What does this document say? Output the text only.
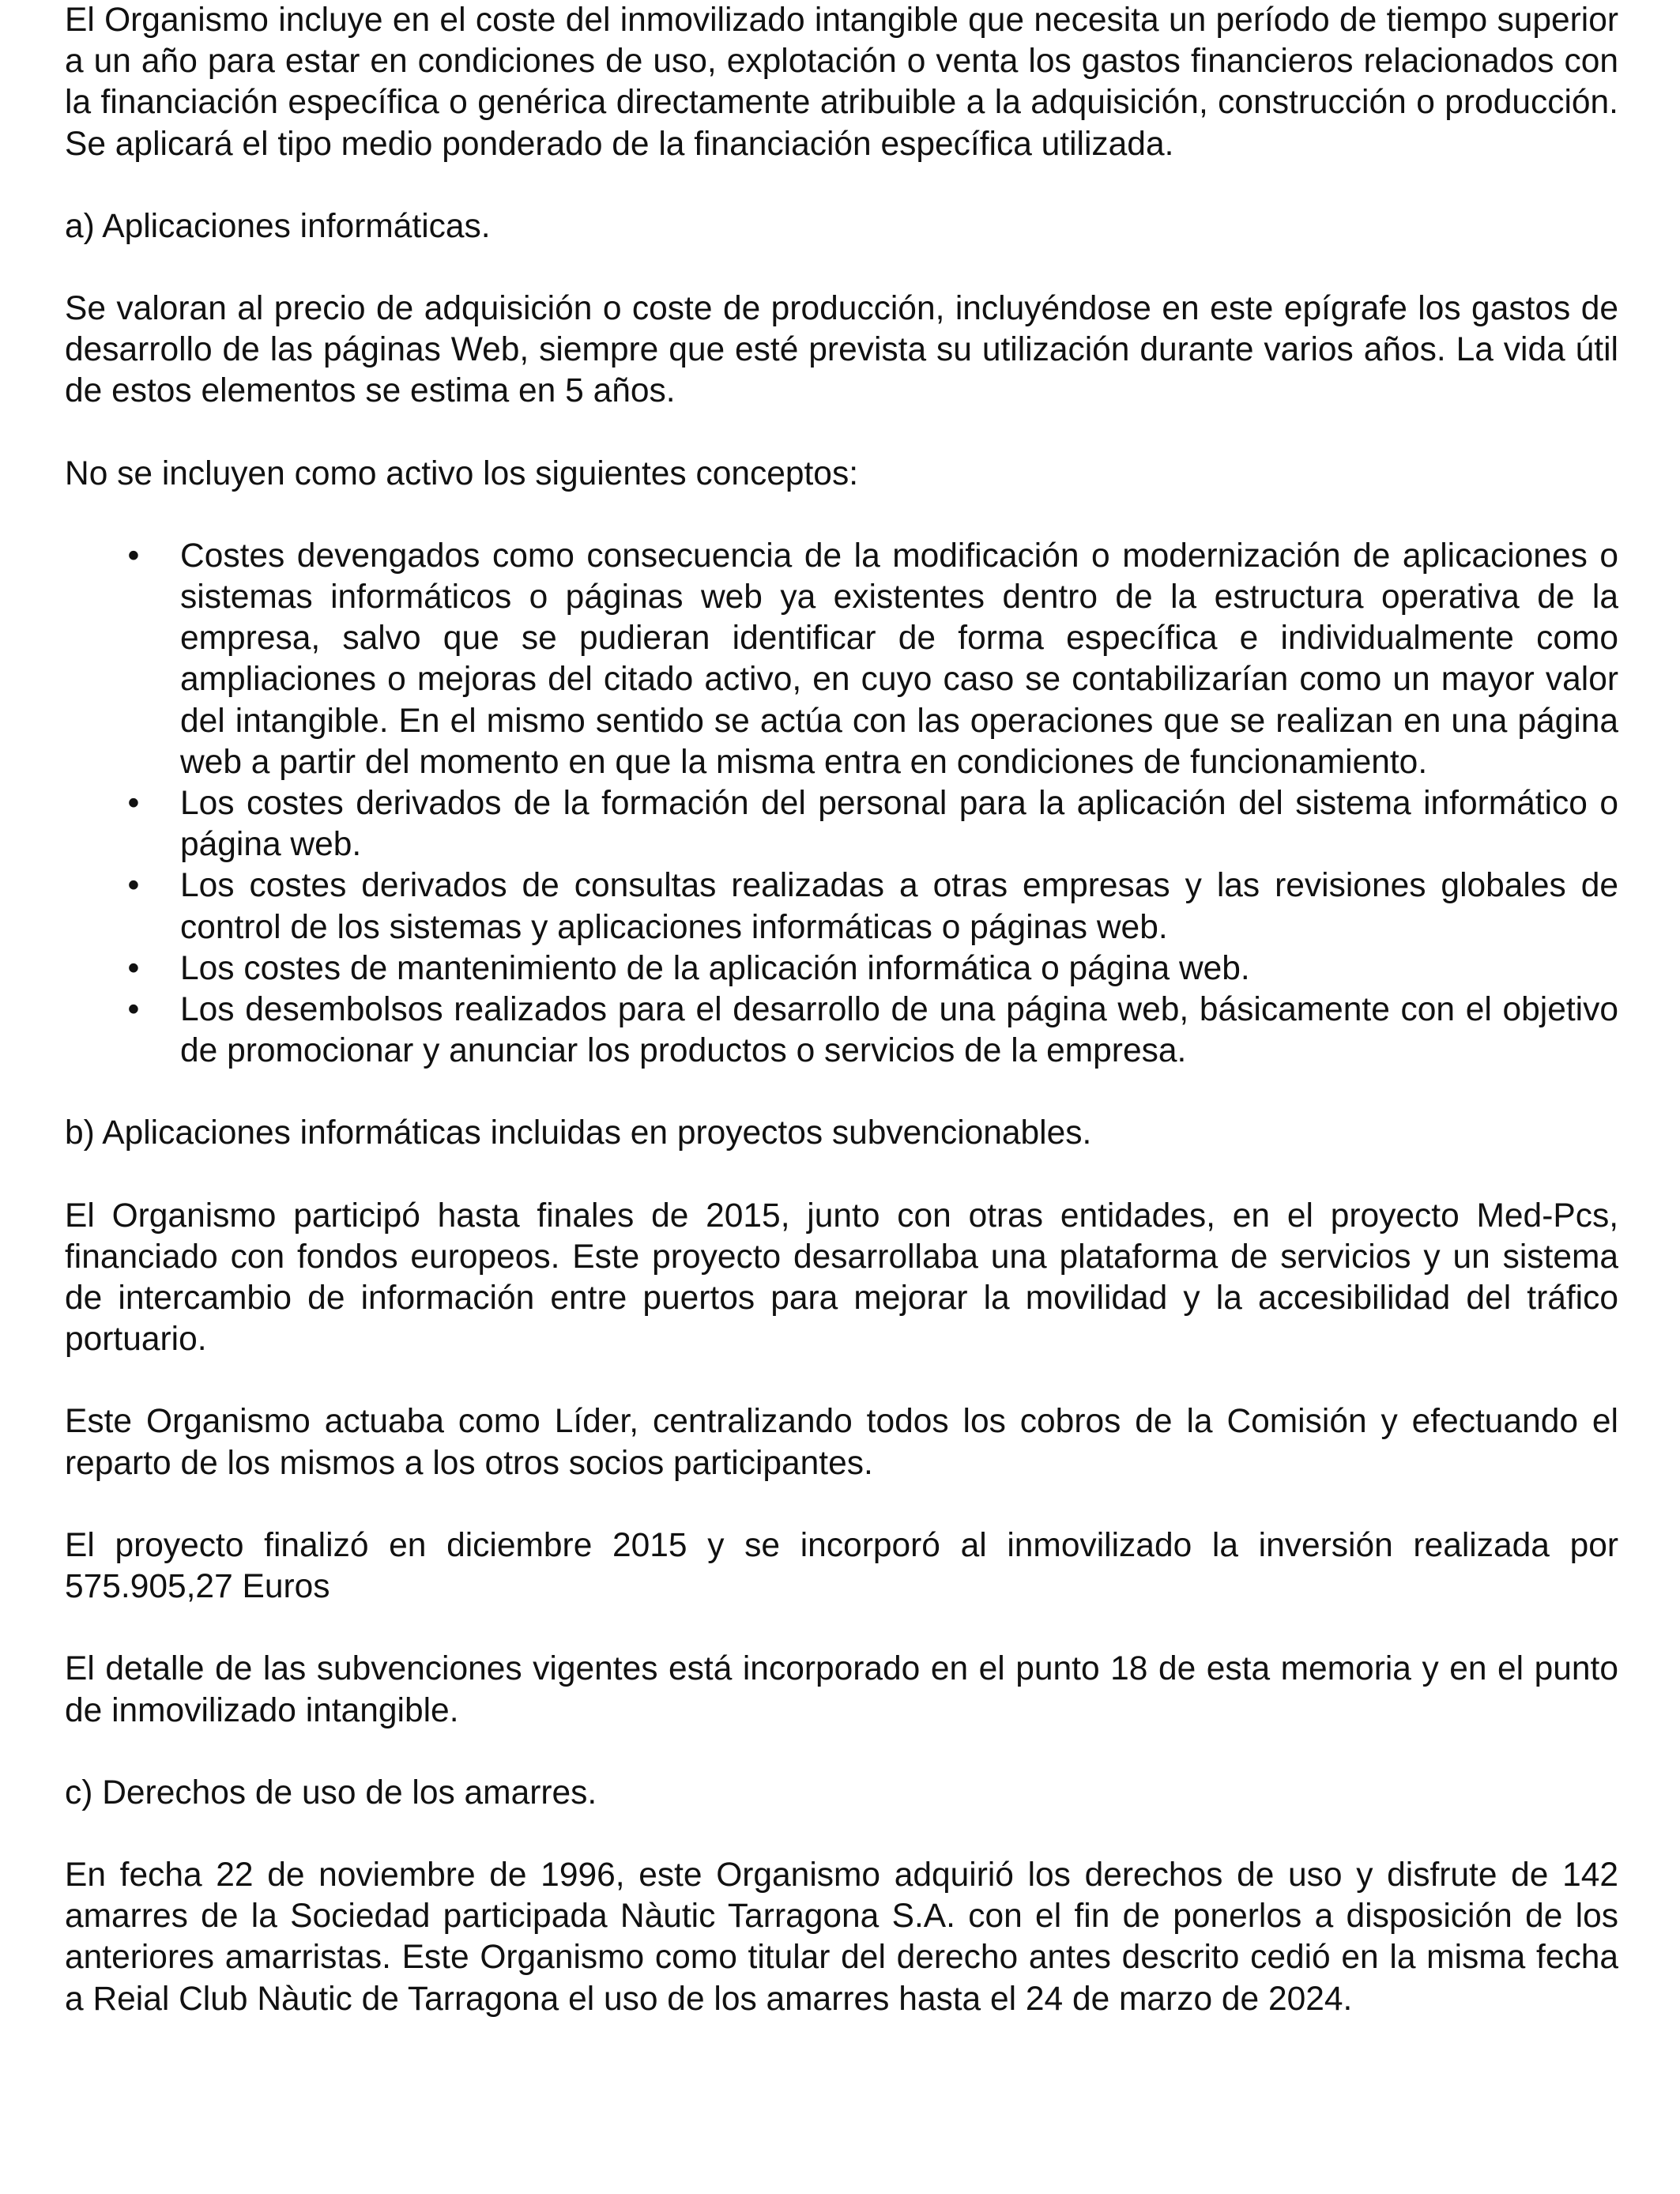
El Organismo incluye en el coste del inmovilizado intangible que necesita un período de tiempo superior a un año para estar en condiciones de uso, explotación o venta los gastos financieros relacionados con la financiación específica o genérica directamente atribuible a la adquisición, construcción o producción. Se aplicará el tipo medio ponderado de la financiación específica utilizada.

a) Aplicaciones informáticas.

Se valoran al precio de adquisición o coste de producción, incluyéndose en este epígrafe los gastos de desarrollo de las páginas Web, siempre que esté prevista su utilización durante varios años. La vida útil de estos elementos se estima en 5 años.

No se incluyen como activo los siguientes conceptos:

• Costes devengados como consecuencia de la modificación o modernización de aplicaciones o sistemas informáticos o páginas web ya existentes dentro de la estructura operativa de la empresa, salvo que se pudieran identificar de forma específica e individualmente como ampliaciones o mejoras del citado activo, en cuyo caso se contabilizarían como un mayor valor del intangible. En el mismo sentido se actúa con las operaciones que se realizan en una página web a partir del momento en que la misma entra en condiciones de funcionamiento.
• Los costes derivados de la formación del personal para la aplicación del sistema informático o página web.
• Los costes derivados de consultas realizadas a otras empresas y las revisiones globales de control de los sistemas y aplicaciones informáticas o páginas web.
• Los costes de mantenimiento de la aplicación informática o página web.
• Los desembolsos realizados para el desarrollo de una página web, básicamente con el objetivo de promocionar y anunciar los productos o servicios de la empresa.

b) Aplicaciones informáticas incluidas en proyectos subvencionables.

El Organismo participó hasta finales de 2015, junto con otras entidades, en el proyecto Med-Pcs, financiado con fondos europeos. Este proyecto desarrollaba una plataforma de servicios y un sistema de intercambio de información entre puertos para mejorar la movilidad y la accesibilidad del tráfico portuario.

Este Organismo actuaba como Líder, centralizando todos los cobros de la Comisión y efectuando el reparto de los mismos a los otros socios participantes.

El proyecto finalizó en diciembre 2015 y se incorporó al inmovilizado la inversión realizada por 575.905,27 Euros

El detalle de las subvenciones vigentes está incorporado en el punto 18 de esta memoria y en el punto de inmovilizado intangible.

c) Derechos de uso de los amarres.

En fecha 22 de noviembre de 1996, este Organismo adquirió los derechos de uso y disfrute de 142 amarres de la Sociedad participada Nàutic Tarragona S.A. con el fin de ponerlos a disposición de los anteriores amarristas. Este Organismo como titular del derecho antes descrito cedió en la misma fecha a Reial Club Nàutic de Tarragona el uso de los amarres hasta el 24 de marzo de 2024.
